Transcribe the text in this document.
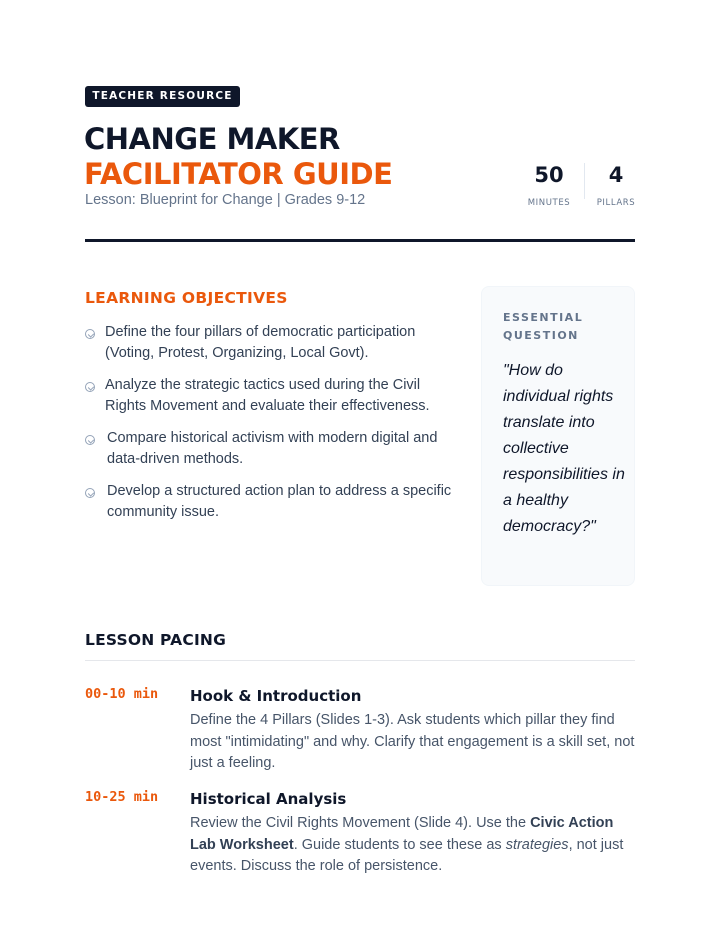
TEACHER RESOURCE
CHANGE MAKER
FACILITATOR GUIDE
Lesson: Blueprint for Change | Grades 9-12
50
MINUTES
4
PILLARS
LEARNING OBJECTIVES
Define the four pillars of democratic participation (Voting, Protest, Organizing, Local Govt).
Analyze the strategic tactics used during the Civil Rights Movement and evaluate their effectiveness.
Compare historical activism with modern digital and data-driven methods.
Develop a structured action plan to address a specific community issue.
ESSENTIAL QUESTION
"How do individual rights translate into collective responsibilities in a healthy democracy?"
LESSON PACING
00-10 min Hook & Introduction
Define the 4 Pillars (Slides 1-3). Ask students which pillar they find most "intimidating" and why. Clarify that engagement is a skill set, not just a feeling.
10-25 min Historical Analysis
Review the Civil Rights Movement (Slide 4). Use the Civic Action Lab Worksheet. Guide students to see these as strategies, not just events. Discuss the role of persistence.
